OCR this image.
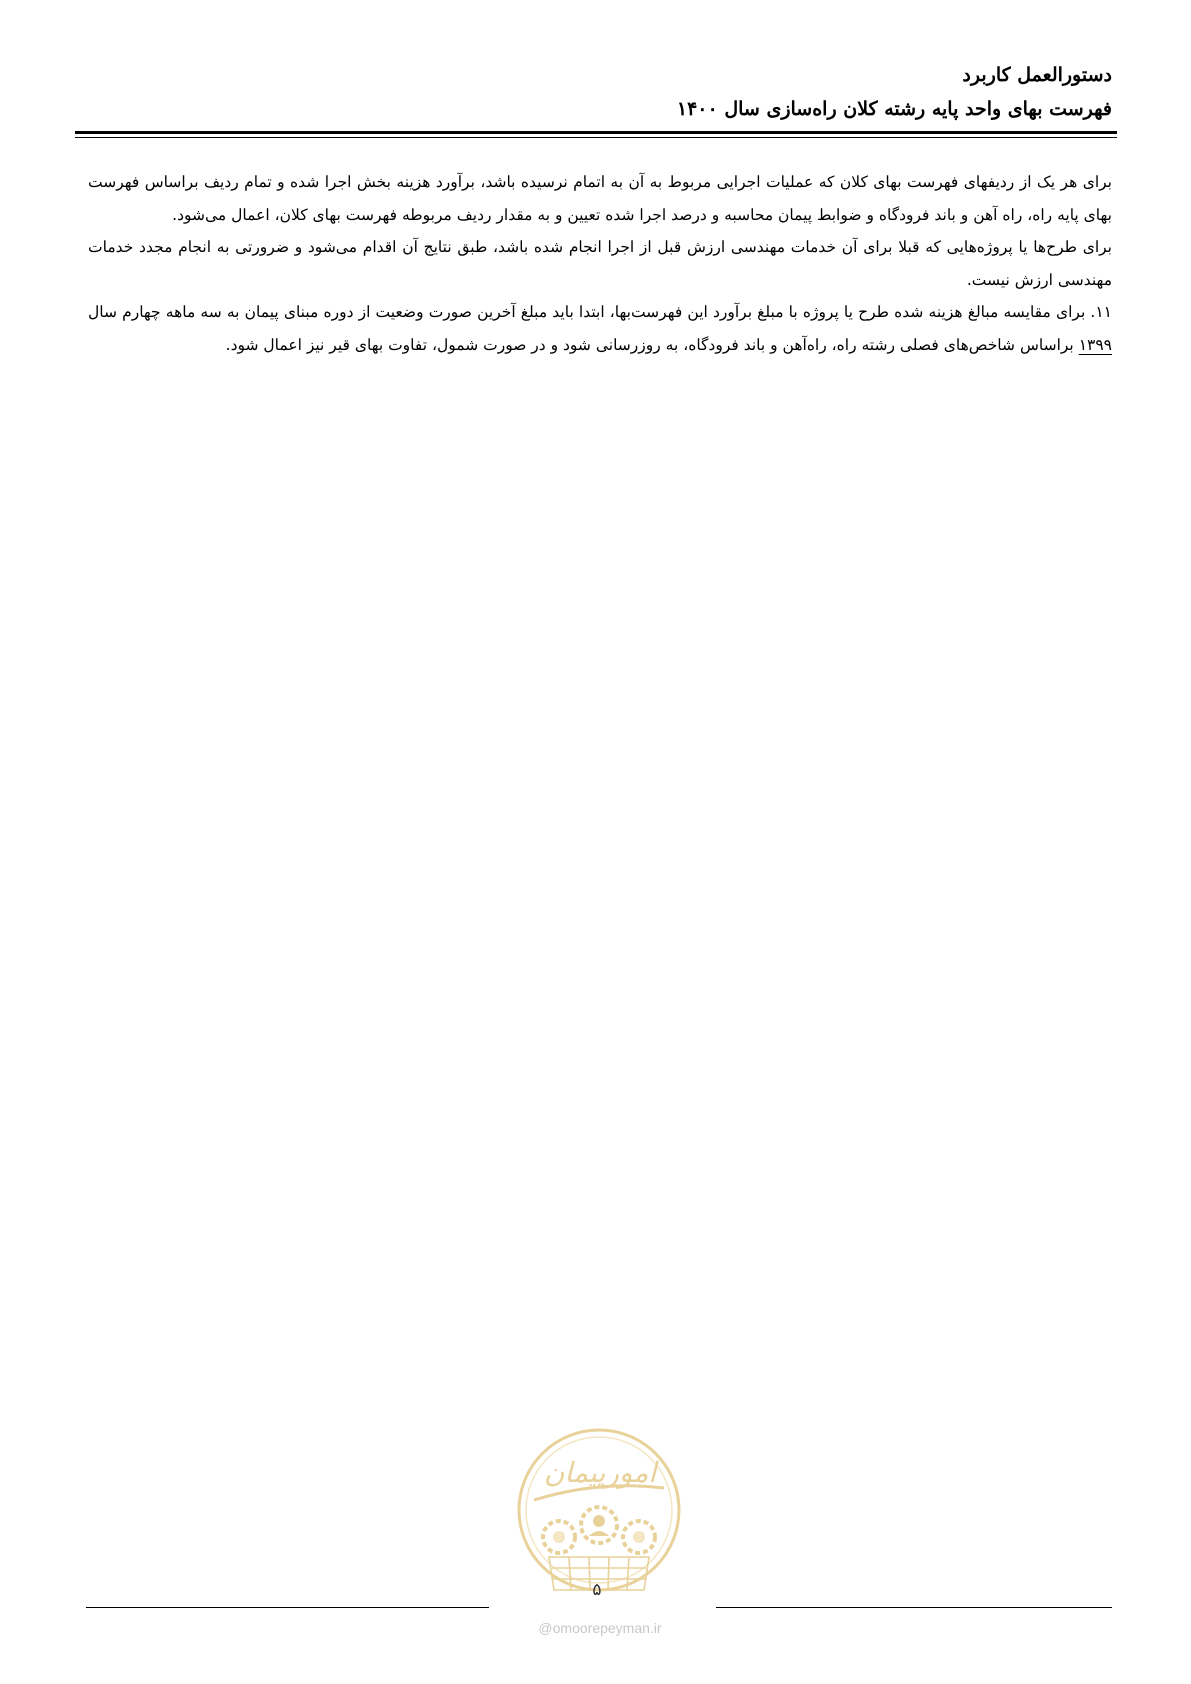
دستورالعمل کاربرد
فهرست بهای واحد پایه رشته کلان راه‌سازی سال ۱۴۰۰

برای هر یک از ردیفهای فهرست بهای کلان که عملیات اجرایی مربوط به آن به اتمام نرسیده باشد، برآورد هزینه بخش اجرا شده و تمام ردیف براساس فهرست بهای پایه راه، راه آهن و باند فرودگاه و ضوابط پیمان محاسبه و درصد اجرا شده تعیین و به مقدار ردیف مربوطه فهرست بهای کلان، اعمال می‌شود.

برای طرح‌ها یا پروژه‌هایی که قبلا برای آن خدمات مهندسی ارزش قبل از اجرا انجام شده باشد، طبق نتایج آن اقدام می‌شود و ضرورتی به انجام مجدد خدمات مهندسی ارزش نیست.

۱۱. برای مقایسه مبالغ هزینه شده طرح یا پروژه با مبلغ برآورد این فهرست‌بها، ابتدا باید مبلغ آخرین صورت وضعیت از دوره مبنای پیمان به سه ماهه چهارم سال ۱۳۹۹ براساس شاخص‌های فصلی رشته راه، راه‌آهن و باند فرودگاه، به روزرسانی شود و در صورت شمول، تفاوت بهای قیر نیز اعمال شود.

امورپیمان
۵
@omoorepeyman.ir
